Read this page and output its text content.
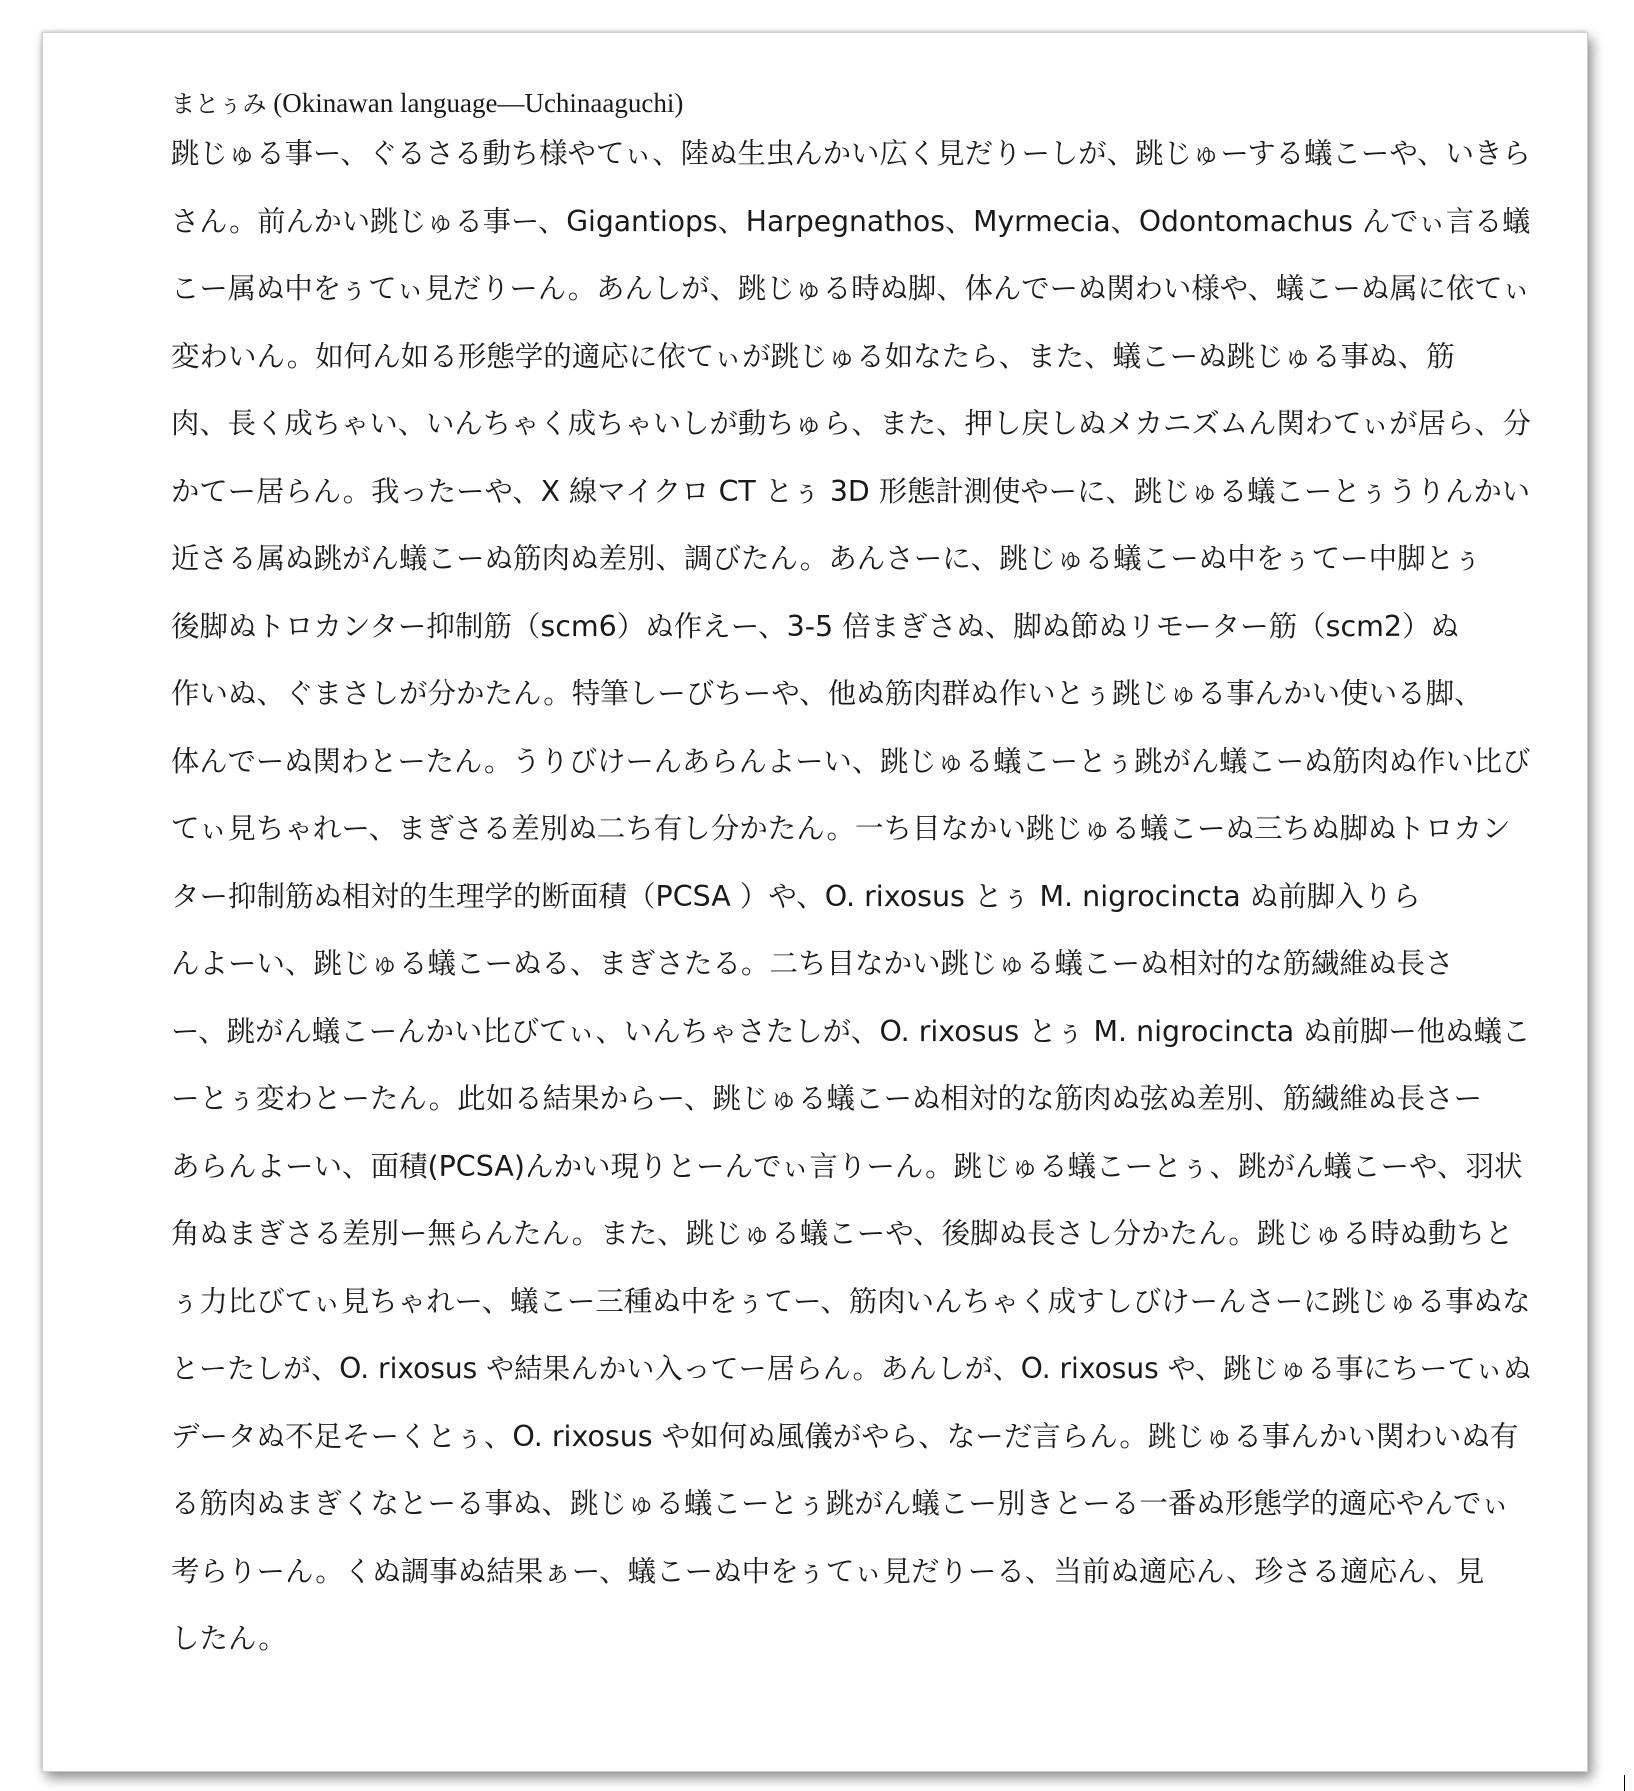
まとぅみ (Okinawan language—Uchinaaguchi)
跳じゅる事ー、ぐるさる動ち様やてぃ、陸ぬ生虫んかい広く見だりーしが、跳じゅーする蟻こーや、いきら
さん。前んかい跳じゅる事ー、Gigantiops、Harpegnathos、Myrmecia、Odontomachus んでぃ言る蟻
こー属ぬ中をぅてぃ見だりーん。あんしが、跳じゅる時ぬ脚、体んでーぬ関わい様や、蟻こーぬ属に依てぃ
変わいん。如何ん如る形態学的適応に依てぃが跳じゅる如なたら、また、蟻こーぬ跳じゅる事ぬ、筋
肉、長く成ちゃい、いんちゃく成ちゃいしが動ちゅら、また、押し戻しぬメカニズムん関わてぃが居ら、分
かてー居らん。我ったーや、X 線マイクロ CT とぅ 3D 形態計測使やーに、跳じゅる蟻こーとぅうりんかい
近さる属ぬ跳がん蟻こーぬ筋肉ぬ差別、調びたん。あんさーに、跳じゅる蟻こーぬ中をぅてー中脚とぅ
後脚ぬトロカンター抑制筋（scm6）ぬ作えー、3-5 倍まぎさぬ、脚ぬ節ぬリモーター筋（scm2）ぬ
作いぬ、ぐまさしが分かたん。特筆しーびちーや、他ぬ筋肉群ぬ作いとぅ跳じゅる事んかい使いる脚、
体んでーぬ関わとーたん。うりびけーんあらんよーい、跳じゅる蟻こーとぅ跳がん蟻こーぬ筋肉ぬ作い比び
てぃ見ちゃれー、まぎさる差別ぬ二ち有し分かたん。一ち目なかい跳じゅる蟻こーぬ三ちぬ脚ぬトロカン
ター抑制筋ぬ相対的生理学的断面積（PCSA ）や、O. rixosus とぅ M. nigrocincta ぬ前脚入りら
んよーい、跳じゅる蟻こーぬる、まぎさたる。二ち目なかい跳じゅる蟻こーぬ相対的な筋繊維ぬ長さ
ー、跳がん蟻こーんかい比びてぃ、いんちゃさたしが、O. rixosus とぅ M. nigrocincta ぬ前脚ー他ぬ蟻こ
ーとぅ変わとーたん。此如る結果からー、跳じゅる蟻こーぬ相対的な筋肉ぬ弦ぬ差別、筋繊維ぬ長さー
あらんよーい、面積(PCSA)んかい現りとーんでぃ言りーん。跳じゅる蟻こーとぅ、跳がん蟻こーや、羽状
角ぬまぎさる差別ー無らんたん。また、跳じゅる蟻こーや、後脚ぬ長さし分かたん。跳じゅる時ぬ動ちと
ぅ力比びてぃ見ちゃれー、蟻こー三種ぬ中をぅてー、筋肉いんちゃく成すしびけーんさーに跳じゅる事ぬな
とーたしが、O. rixosus や結果んかい入ってー居らん。あんしが、O. rixosus や、跳じゅる事にちーてぃぬ
データぬ不足そーくとぅ、O. rixosus や如何ぬ風儀がやら、なーだ言らん。跳じゅる事んかい関わいぬ有
る筋肉ぬまぎくなとーる事ぬ、跳じゅる蟻こーとぅ跳がん蟻こー別きとーる一番ぬ形態学的適応やんでぃ
考らりーん。くぬ調事ぬ結果ぁー、蟻こーぬ中をぅてぃ見だりーる、当前ぬ適応ん、珍さる適応ん、見
したん。
